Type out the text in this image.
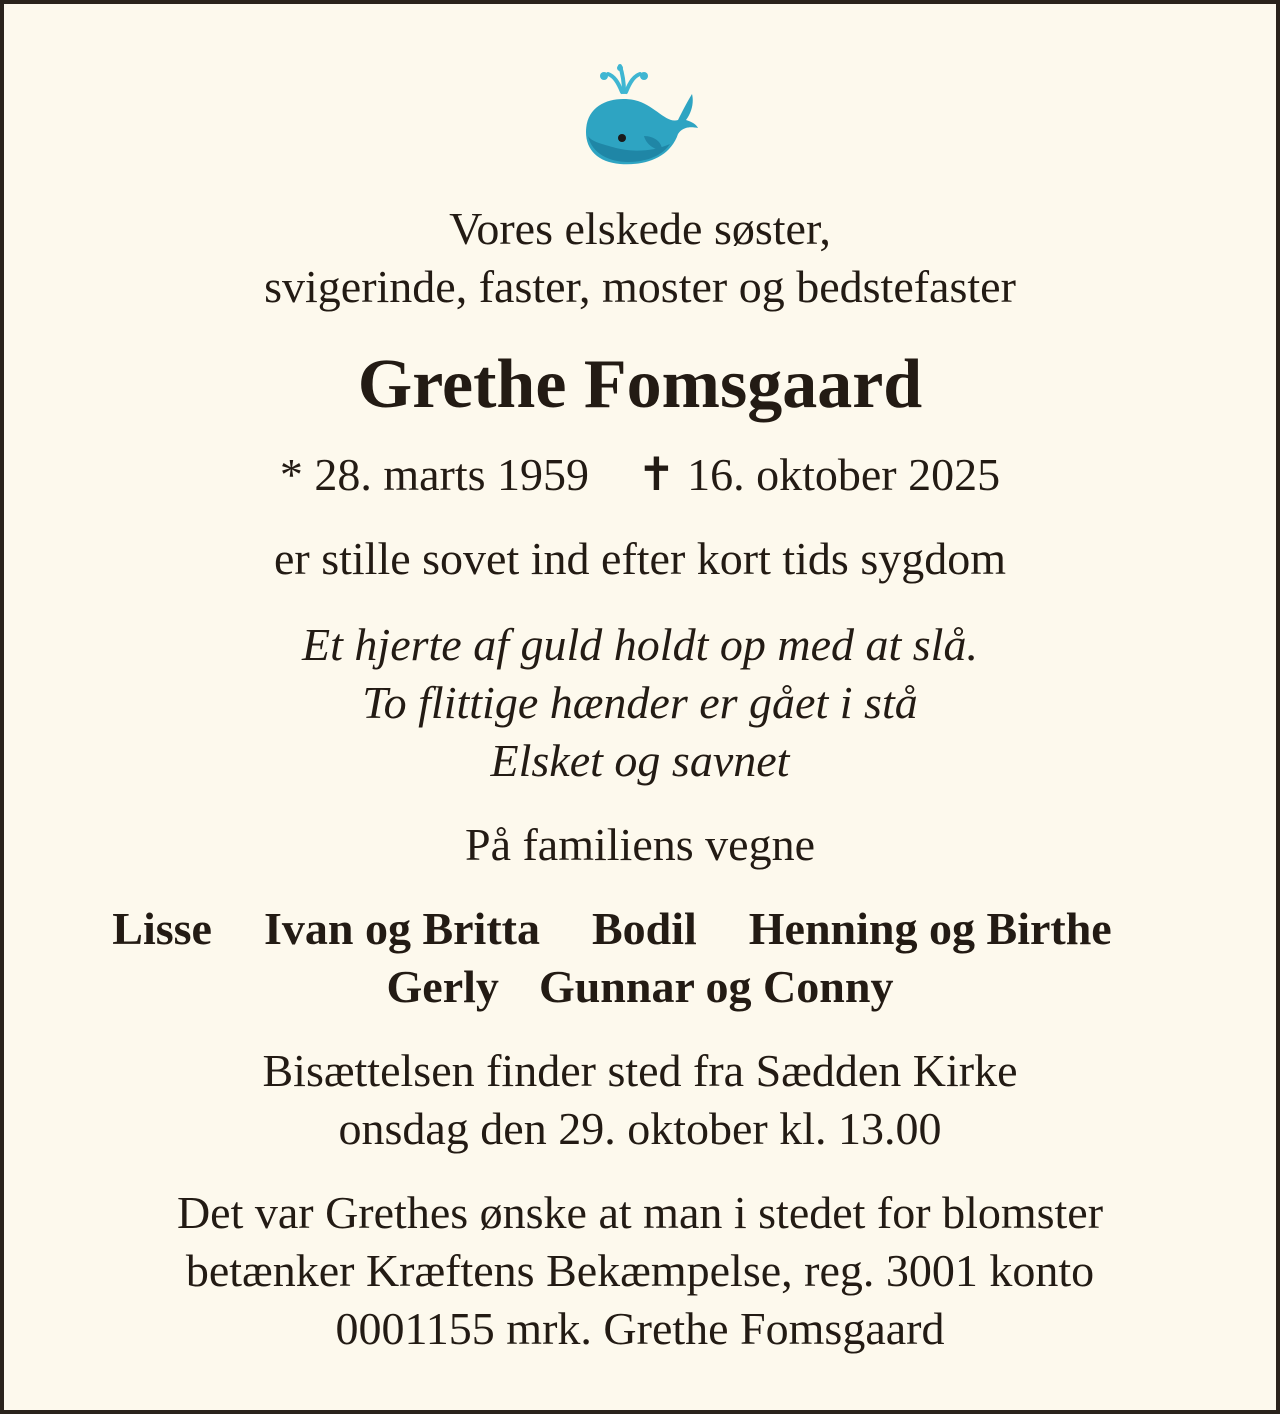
Vores elskede søster,
svigerinde, faster, moster og bedstefaster
Grethe Fomsgaard
* 28. marts 1959 ✝ 16. oktober 2025
er stille sovet ind efter kort tids sygdom
Et hjerte af guld holdt op med at slå.
To flittige hænder er gået i stå
Elsket og savnet
På familiens vegne
Lisse Ivan og Britta Bodil Henning og Birthe
Gerly Gunnar og Conny
Bisættelsen finder sted fra Sædden Kirke
onsdag den 29. oktober kl. 13.00
Det var Grethes ønske at man i stedet for blomster
betænker Kræftens Bekæmpelse, reg. 3001 konto
0001155 mrk. Grethe Fomsgaard
